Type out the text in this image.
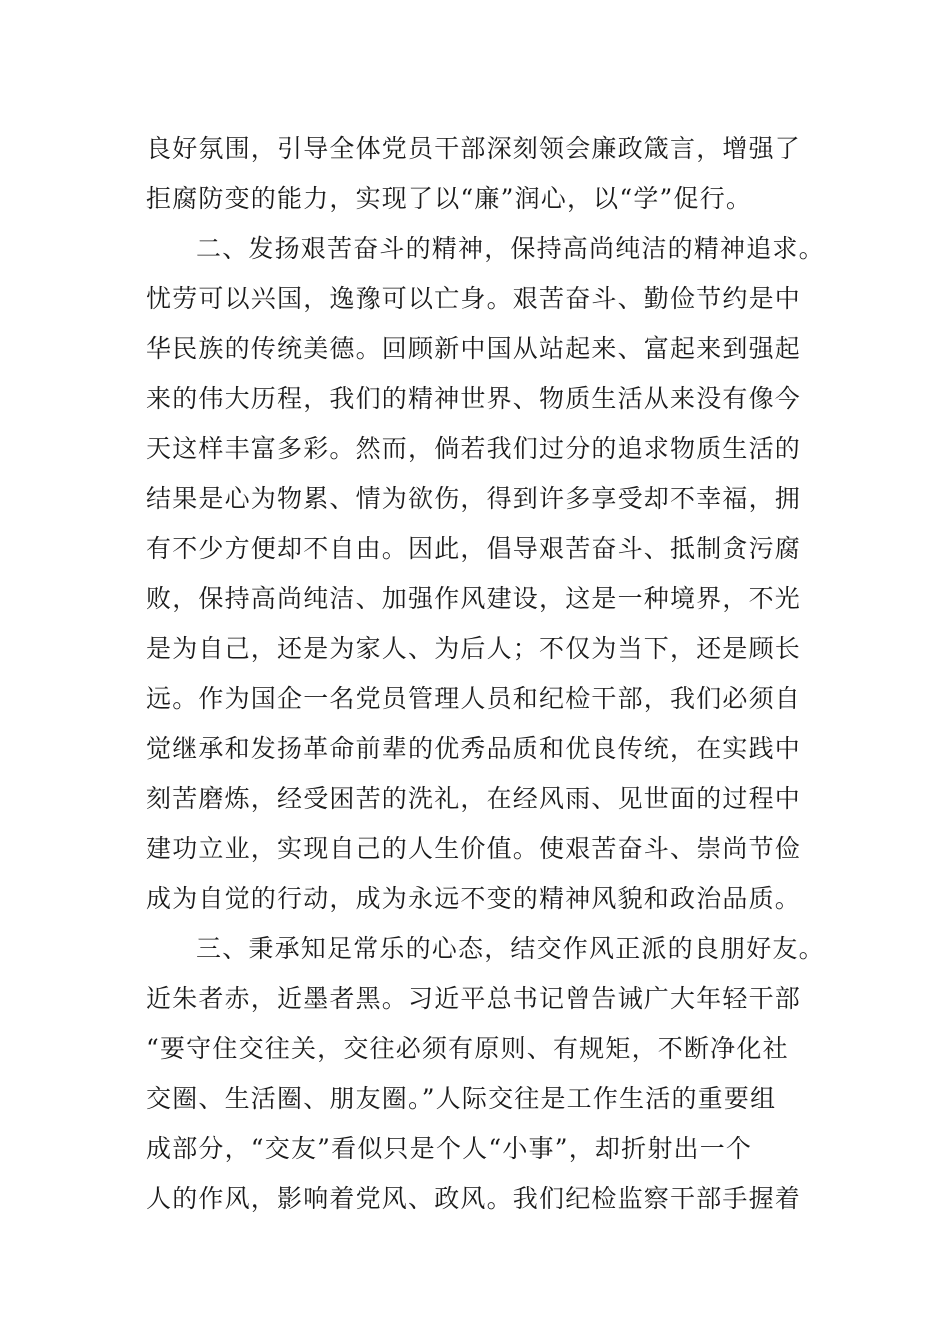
良好氛围，引导全体党员干部深刻领会廉政箴言，增强了
拒腐防变的能力，实现了以“廉”润心，以“学”促行。
二、发扬艰苦奋斗的精神，保持高尚纯洁的精神追求。
忧劳可以兴国，逸豫可以亡身。艰苦奋斗、勤俭节约是中
华民族的传统美德。回顾新中国从站起来、富起来到强起
来的伟大历程，我们的精神世界、物质生活从来没有像今
天这样丰富多彩。然而，倘若我们过分的追求物质生活的
结果是心为物累、情为欲伤，得到许多享受却不幸福，拥
有不少方便却不自由。因此，倡导艰苦奋斗、抵制贪污腐
败，保持高尚纯洁、加强作风建设，这是一种境界，不光
是为自己，还是为家人、为后人；不仅为当下，还是顾长
远。作为国企一名党员管理人员和纪检干部，我们必须自
觉继承和发扬革命前辈的优秀品质和优良传统，在实践中
刻苦磨炼，经受困苦的洗礼，在经风雨、见世面的过程中
建功立业，实现自己的人生价值。使艰苦奋斗、崇尚节俭
成为自觉的行动，成为永远不变的精神风貌和政治品质。
三、秉承知足常乐的心态，结交作风正派的良朋好友。
近朱者赤，近墨者黑。习近平总书记曾告诫广大年轻干部
“要守住交往关，交往必须有原则、有规矩，不断净化社
交圈、生活圈、朋友圈。”人际交往是工作生活的重要组
成部分，“交友”看似只是个人“小事”，却折射出一个
人的作风，影响着党风、政风。我们纪检监察干部手握着
